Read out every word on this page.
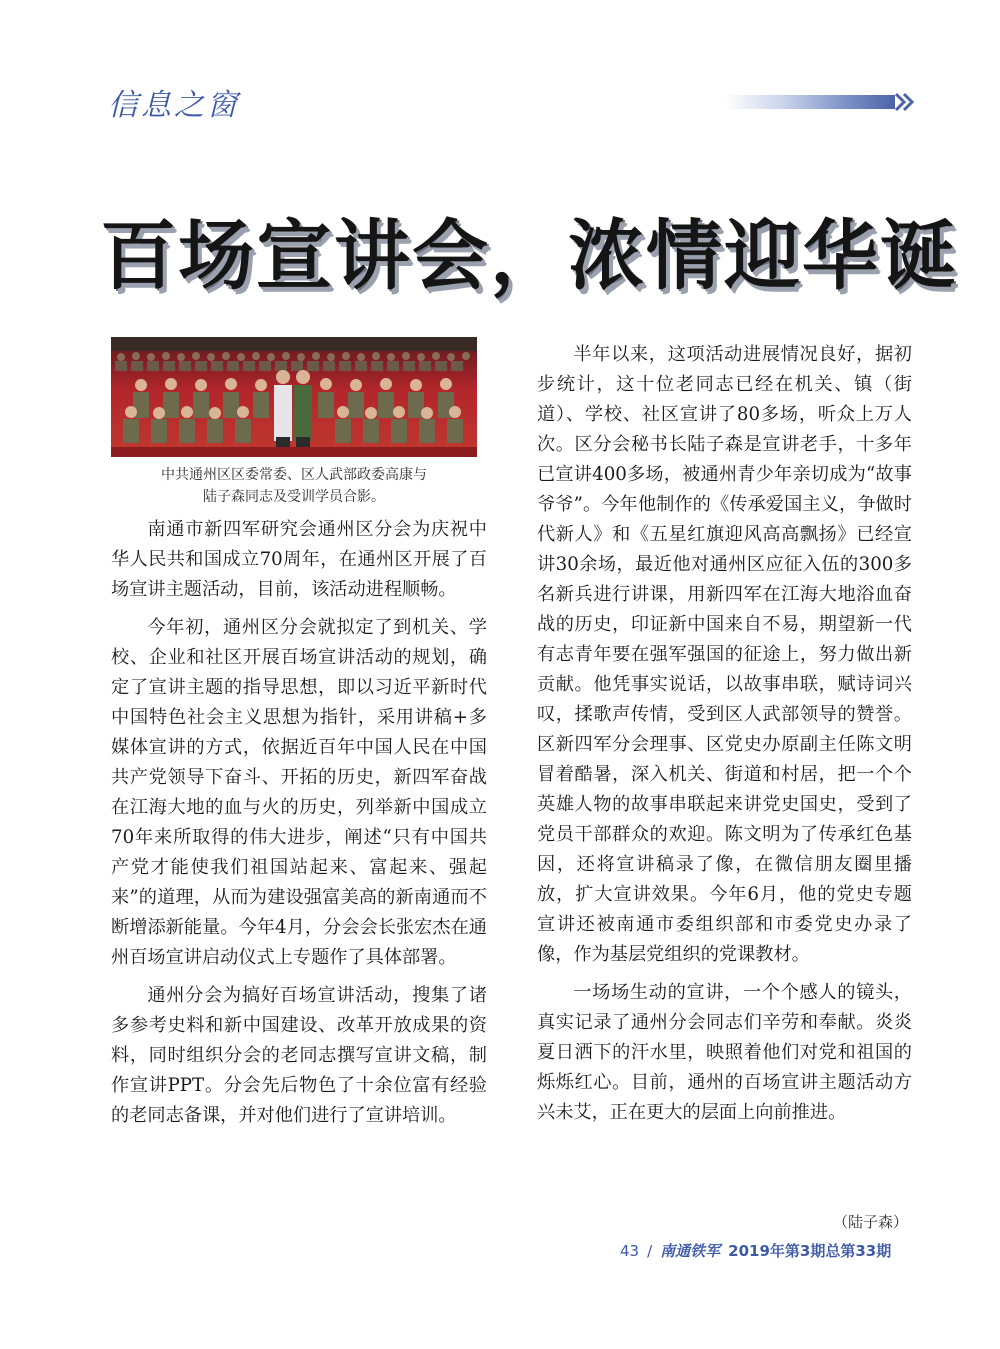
信息之窗
百场宣讲会，浓情迎华诞
中共通州区区委常委、区人武部政委高康与
陆子森同志及受训学员合影。

南通市新四军研究会通州区分会为庆祝中华人民共和国成立70周年，在通州区开展了百场宣讲主题活动，目前，该活动进程顺畅。

今年初，通州区分会就拟定了到机关、学校、企业和社区开展百场宣讲活动的规划，确定了宣讲主题的指导思想，即以习近平新时代中国特色社会主义思想为指针，采用讲稿+多媒体宣讲的方式，依据近百年中国人民在中国共产党领导下奋斗、开拓的历史，新四军奋战在江海大地的血与火的历史，列举新中国成立70年来所取得的伟大进步，阐述“只有中国共产党才能使我们祖国站起来、富起来、强起来”的道理，从而为建设强富美高的新南通而不断增添新能量。今年4月，分会会长张宏杰在通州百场宣讲启动仪式上专题作了具体部署。

通州分会为搞好百场宣讲活动，搜集了诸多参考史料和新中国建设、改革开放成果的资料，同时组织分会的老同志撰写宣讲文稿，制作宣讲PPT。分会先后物色了十余位富有经验的老同志备课，并对他们进行了宣讲培训。

半年以来，这项活动进展情况良好，据初步统计，这十位老同志已经在机关、镇（街道）、学校、社区宣讲了80多场，听众上万人次。区分会秘书长陆子森是宣讲老手，十多年已宣讲400多场，被通州青少年亲切成为“故事爷爷”。今年他制作的《传承爱国主义，争做时代新人》和《五星红旗迎风高高飘扬》已经宣讲30余场，最近他对通州区应征入伍的300多名新兵进行讲课，用新四军在江海大地浴血奋战的历史，印证新中国来自不易，期望新一代有志青年要在强军强国的征途上，努力做出新贡献。他凭事实说话，以故事串联，赋诗词兴叹，揉歌声传情，受到区人武部领导的赞誉。区新四军分会理事、区党史办原副主任陈文明冒着酷暑，深入机关、街道和村居，把一个个英雄人物的故事串联起来讲党史国史，受到了党员干部群众的欢迎。陈文明为了传承红色基因，还将宣讲稿录了像，在微信朋友圈里播放，扩大宣讲效果。今年6月，他的党史专题宣讲还被南通市委组织部和市委党史办录了像，作为基层党组织的党课教材。

一场场生动的宣讲，一个个感人的镜头，真实记录了通州分会同志们辛劳和奉献。炎炎夏日洒下的汗水里，映照着他们对党和祖国的烁烁红心。目前，通州的百场宣讲主题活动方兴未艾，正在更大的层面上向前推进。

（陆子森）
43 / 南通铁军 2019年第3期总第33期
